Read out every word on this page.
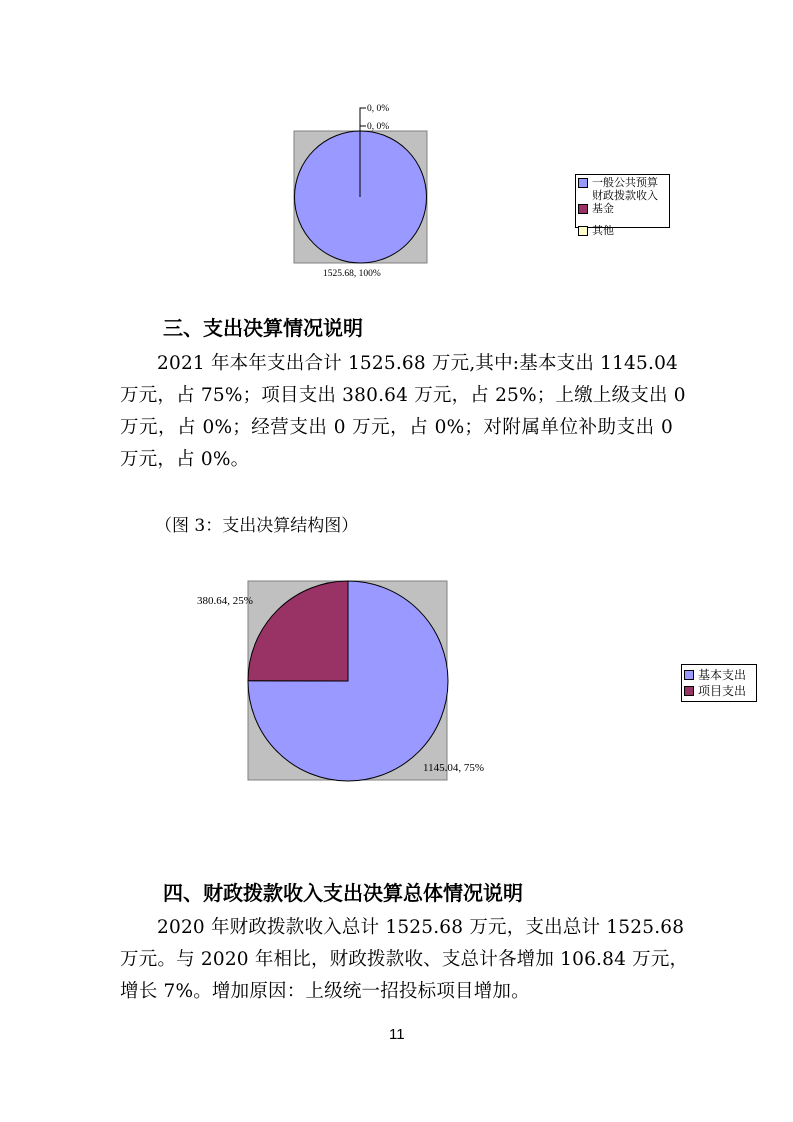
0, 0%
0, 0%
1525.68, 100%
一般公共预算财政拨款收入
基金
其他
三、支出决算情况说明
2021 年本年支出合计 1525.68 万元,其中:基本支出 1145.04
万元，占 75%；项目支出 380.64 万元，占 25%；上缴上级支出 0
万元，占 0%；经营支出 0 万元，占 0%；对附属单位补助支出 0
万元，占 0%。
（图 3：支出决算结构图）
380.64, 25%
1145.04, 75%
基本支出
项目支出
四、财政拨款收入支出决算总体情况说明
2020 年财政拨款收入总计 1525.68 万元，支出总计 1525.68
万元。与 2020 年相比，财政拨款收、支总计各增加 106.84 万元，
增长 7%。增加原因：上级统一招投标项目增加。
11
